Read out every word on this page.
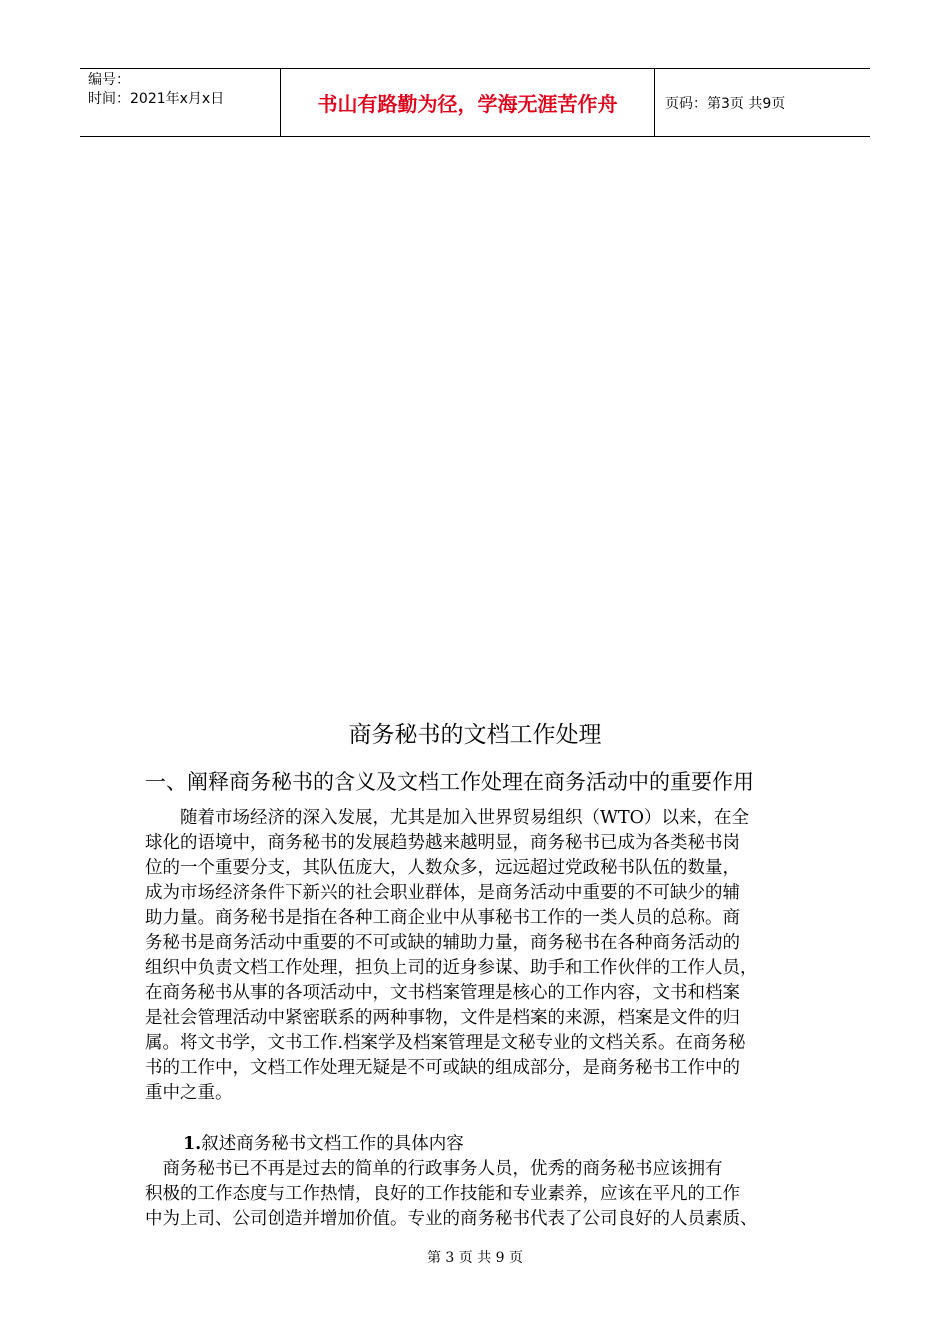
编号：
时间：2021年x月x日	书山有路勤为径，学海无涯苦作舟	页码：第3页 共9页
商务秘书的文档工作处理
一、阐释商务秘书的含义及文档工作处理在商务活动中的重要作用
　　随着市场经济的深入发展，尤其是加入世界贸易组织（WTO）以来，在全
球化的语境中，商务秘书的发展趋势越来越明显，商务秘书已成为各类秘书岗
位的一个重要分支，其队伍庞大，人数众多，远远超过党政秘书队伍的数量，
成为市场经济条件下新兴的社会职业群体，是商务活动中重要的不可缺少的辅
助力量。商务秘书是指在各种工商企业中从事秘书工作的一类人员的总称。商
务秘书是商务活动中重要的不可或缺的辅助力量，商务秘书在各种商务活动的
组织中负责文档工作处理，担负上司的近身参谋、助手和工作伙伴的工作人员，
在商务秘书从事的各项活动中，文书档案管理是核心的工作内容，文书和档案
是社会管理活动中紧密联系的两种事物，文件是档案的来源，档案是文件的归
属。将文书学，文书工作.档案学及档案管理是文秘专业的文档关系。在商务秘
书的工作中，文档工作处理无疑是不可或缺的组成部分，是商务秘书工作中的
重中之重。
1.叙述商务秘书文档工作的具体内容
　商务秘书已不再是过去的简单的行政事务人员，优秀的商务秘书应该拥有
积极的工作态度与工作热情，良好的工作技能和专业素养，应该在平凡的工作
中为上司、公司创造并增加价值。专业的商务秘书代表了公司良好的人员素质、
第 3 页 共 9 页
